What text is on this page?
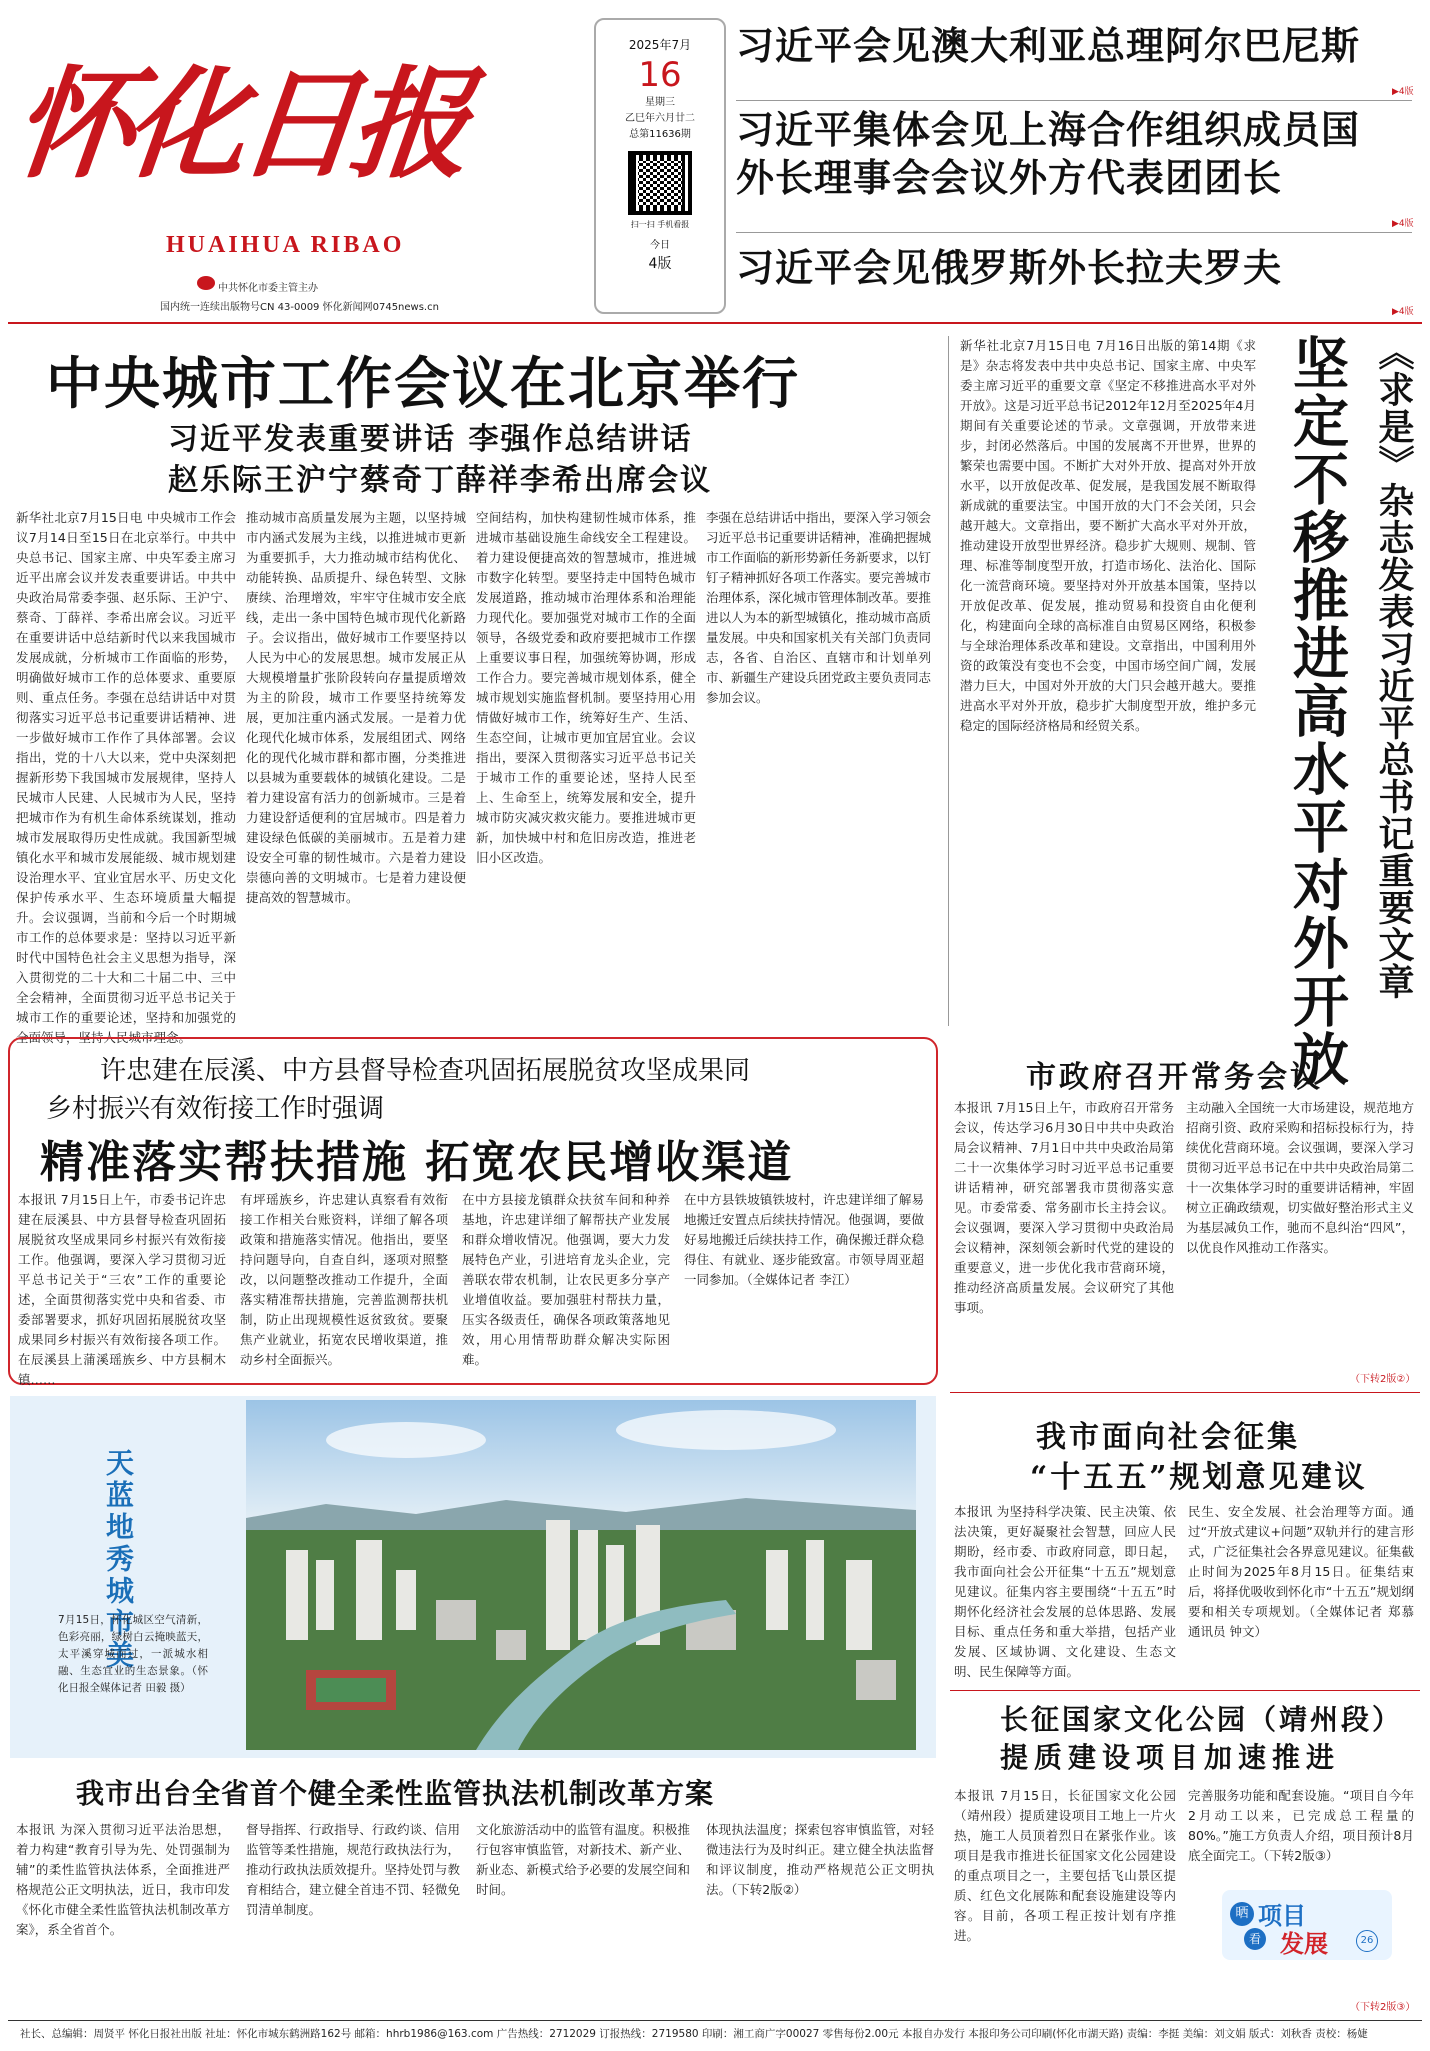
怀化日报
HUAIHUA RIBAO
中共怀化市委主管主办
国内统一连续出版物号CN 43-0009 怀化新闻网0745news.cn
2025年7月
16
星期三
乙巳年六月廿二
总第11636期
扫一扫 手机看报
今日
4版
习近平会见澳大利亚总理阿尔巴尼斯
▶4版
习近平集体会见上海合作组织成员国
外长理事会会议外方代表团团长
▶4版
习近平会见俄罗斯外长拉夫罗夫
▶4版
中央城市工作会议在北京举行
习近平发表重要讲话 李强作总结讲话
赵乐际王沪宁蔡奇丁薛祥李希出席会议
新华社北京7月15日电 中央城市工作会议7月14日至15日在北京举行。中共中央总书记、国家主席、中央军委主席习近平出席会议并发表重要讲话。中共中央政治局常委李强、赵乐际、王沪宁、蔡奇、丁薛祥、李希出席会议。习近平在重要讲话中总结新时代以来我国城市发展成就，分析城市工作面临的形势，明确做好城市工作的总体要求、重要原则、重点任务。李强在总结讲话中对贯彻落实习近平总书记重要讲话精神、进一步做好城市工作作了具体部署。会议指出，党的十八大以来，党中央深刻把握新形势下我国城市发展规律，坚持人民城市人民建、人民城市为人民，坚持把城市作为有机生命体系统谋划，推动城市发展取得历史性成就。我国新型城镇化水平和城市发展能级、城市规划建设治理水平、宜业宜居水平、历史文化保护传承水平、生态环境质量大幅提升。会议强调，当前和今后一个时期城市工作的总体要求是：坚持以习近平新时代中国特色社会主义思想为指导，深入贯彻党的二十大和二十届二中、三中全会精神，全面贯彻习近平总书记关于城市工作的重要论述，坚持和加强党的全面领导，坚持人民城市理念。
推动城市高质量发展为主题，以坚持城市内涵式发展为主线，以推进城市更新为重要抓手，大力推动城市结构优化、动能转换、品质提升、绿色转型、文脉赓续、治理增效，牢牢守住城市安全底线，走出一条中国特色城市现代化新路子。会议指出，做好城市工作要坚持以人民为中心的发展思想。城市发展正从大规模增量扩张阶段转向存量提质增效为主的阶段，城市工作要坚持统筹发展，更加注重内涵式发展。一是着力优化现代化城市体系，发展组团式、网络化的现代化城市群和都市圈，分类推进以县城为重要载体的城镇化建设。二是着力建设富有活力的创新城市。三是着力建设舒适便利的宜居城市。四是着力建设绿色低碳的美丽城市。五是着力建设安全可靠的韧性城市。六是着力建设崇德向善的文明城市。七是着力建设便捷高效的智慧城市。
空间结构，加快构建韧性城市体系，推进城市基础设施生命线安全工程建设。着力建设便捷高效的智慧城市，推进城市数字化转型。要坚持走中国特色城市发展道路，推动城市治理体系和治理能力现代化。要加强党对城市工作的全面领导，各级党委和政府要把城市工作摆上重要议事日程，加强统筹协调，形成工作合力。要完善城市规划体系，健全城市规划实施监督机制。要坚持用心用情做好城市工作，统筹好生产、生活、生态空间，让城市更加宜居宜业。会议指出，要深入贯彻落实习近平总书记关于城市工作的重要论述，坚持人民至上、生命至上，统筹发展和安全，提升城市防灾减灾救灾能力。要推进城市更新，加快城中村和危旧房改造，推进老旧小区改造。
李强在总结讲话中指出，要深入学习领会习近平总书记重要讲话精神，准确把握城市工作面临的新形势新任务新要求，以钉钉子精神抓好各项工作落实。要完善城市治理体系，深化城市管理体制改革。要推进以人为本的新型城镇化，推动城市高质量发展。中央和国家机关有关部门负责同志，各省、自治区、直辖市和计划单列市、新疆生产建设兵团党政主要负责同志参加会议。
新华社北京7月15日电 7月16日出版的第14期《求是》杂志将发表中共中央总书记、国家主席、中央军委主席习近平的重要文章《坚定不移推进高水平对外开放》。这是习近平总书记2012年12月至2025年4月期间有关重要论述的节录。文章强调，开放带来进步，封闭必然落后。中国的发展离不开世界，世界的繁荣也需要中国。不断扩大对外开放、提高对外开放水平，以开放促改革、促发展，是我国发展不断取得新成就的重要法宝。中国开放的大门不会关闭，只会越开越大。文章指出，要不断扩大高水平对外开放，推动建设开放型世界经济。稳步扩大规则、规制、管理、标准等制度型开放，打造市场化、法治化、国际化一流营商环境。要坚持对外开放基本国策，坚持以开放促改革、促发展，推动贸易和投资自由化便利化，构建面向全球的高标准自由贸易区网络，积极参与全球治理体系改革和建设。文章指出，中国利用外资的政策没有变也不会变，中国市场空间广阔，发展潜力巨大，中国对外开放的大门只会越开越大。要推进高水平对外开放，稳步扩大制度型开放，维护多元稳定的国际经济格局和经贸关系。	《求是》杂志发表习近平总书记重要文章
坚定不移推进高水平对外开放
许忠建在辰溪、中方县督导检查巩固拓展脱贫攻坚成果同
乡村振兴有效衔接工作时强调
精准落实帮扶措施 拓宽农民增收渠道
本报讯 7月15日上午，市委书记许忠建在辰溪县、中方县督导检查巩固拓展脱贫攻坚成果同乡村振兴有效衔接工作。他强调，要深入学习贯彻习近平总书记关于“三农”工作的重要论述，全面贯彻落实党中央和省委、市委部署要求，抓好巩固拓展脱贫攻坚成果同乡村振兴有效衔接各项工作。在辰溪县上蒲溪瑶族乡、中方县桐木镇……
有坪瑶族乡，许忠建认真察看有效衔接工作相关台账资料，详细了解各项政策和措施落实情况。他指出，要坚持问题导向，自查自纠，逐项对照整改，以问题整改推动工作提升，全面落实精准帮扶措施，完善监测帮扶机制，防止出现规模性返贫致贫。要聚焦产业就业，拓宽农民增收渠道，推动乡村全面振兴。
在中方县接龙镇群众扶贫车间和种养基地，许忠建详细了解帮扶产业发展和群众增收情况。他强调，要大力发展特色产业，引进培育龙头企业，完善联农带农机制，让农民更多分享产业增值收益。要加强驻村帮扶力量，压实各级责任，确保各项政策落地见效，用心用情帮助群众解决实际困难。
在中方县铁坡镇铁坡村，许忠建详细了解易地搬迁安置点后续扶持情况。他强调，要做好易地搬迁后续扶持工作，确保搬迁群众稳得住、有就业、逐步能致富。市领导周亚超一同参加。（全媒体记者 李江）
市政府召开常务会议
本报讯 7月15日上午，市政府召开常务会议，传达学习6月30日中共中央政治局会议精神、7月1日中共中央政治局第二十一次集体学习时习近平总书记重要讲话精神，研究部署我市贯彻落实意见。市委常委、常务副市长主持会议。会议强调，要深入学习贯彻中央政治局会议精神，深刻领会新时代党的建设的重要意义，进一步优化我市营商环境，推动经济高质量发展。会议研究了其他事项。
主动融入全国统一大市场建设，规范地方招商引资、政府采购和招标投标行为，持续优化营商环境。会议强调，要深入学习贯彻习近平总书记在中共中央政治局第二十一次集体学习时的重要讲话精神，牢固树立正确政绩观，切实做好整治形式主义为基层减负工作，驰而不息纠治“四风”，以优良作风推动工作落实。
（下转2版②）
天蓝地秀城市美
7月15日，怀化城区空气清新，色彩亮丽，绿树白云掩映蓝天，太平溪穿城而过，一派城水相融、生态宜业的生态景象。（怀化日报全媒体记者 田毅 摄）
我市面向社会征集
“十五五”规划意见建议
本报讯 为坚持科学决策、民主决策、依法决策，更好凝聚社会智慧，回应人民期盼，经市委、市政府同意，即日起，我市面向社会公开征集“十五五”规划意见建议。征集内容主要围绕“十五五”时期怀化经济社会发展的总体思路、发展目标、重点任务和重大举措，包括产业发展、区域协调、文化建设、生态文明、民生保障等方面。
民生、安全发展、社会治理等方面。通过“开放式建议+问题”双轨并行的建言形式，广泛征集社会各界意见建议。征集截止时间为2025年8月15日。征集结束后，将择优吸收到怀化市“十五五”规划纲要和相关专项规划。（全媒体记者 郑慕 通讯员 钟文）
长征国家文化公园（靖州段）
提质建设项目加速推进
本报讯 7月15日，长征国家文化公园（靖州段）提质建设项目工地上一片火热，施工人员顶着烈日在紧张作业。该项目是我市推进长征国家文化公园建设的重点项目之一，主要包括飞山景区提质、红色文化展陈和配套设施建设等内容。目前，各项工程正按计划有序推进。
完善服务功能和配套设施。“项目自今年2月动工以来，已完成总工程量的80%。”施工方负责人介绍，项目预计8月底全面完工。（下转2版③）
晒 项目
看 发展	26
（下转2版③）
我市出台全省首个健全柔性监管执法机制改革方案
本报讯 为深入贯彻习近平法治思想，着力构建“教育引导为先、处罚强制为辅”的柔性监管执法体系，全面推进严格规范公正文明执法，近日，我市印发《怀化市健全柔性监管执法机制改革方案》，系全省首个。
督导指挥、行政指导、行政约谈、信用监管等柔性措施，规范行政执法行为，推动行政执法质效提升。坚持处罚与教育相结合，建立健全首违不罚、轻微免罚清单制度。
文化旅游活动中的监管有温度。积极推行包容审慎监管，对新技术、新产业、新业态、新模式给予必要的发展空间和时间。
体现执法温度；探索包容审慎监管，对轻微违法行为及时纠正。建立健全执法监督和评议制度，推动严格规范公正文明执法。（下转2版②）
社长、总编辑：周贤平 怀化日报社出版 社址：怀化市城东鹤洲路162号 邮箱：hhrb1986@163.com 广告热线：2712029 订报热线：2719580 印刷：湘工商广字00027 零售每份2.00元 本报自办发行 本报印务公司印刷(怀化市湖天路) 责编：李挺 美编：刘文娟 版式：刘秋香 责校：杨婕
